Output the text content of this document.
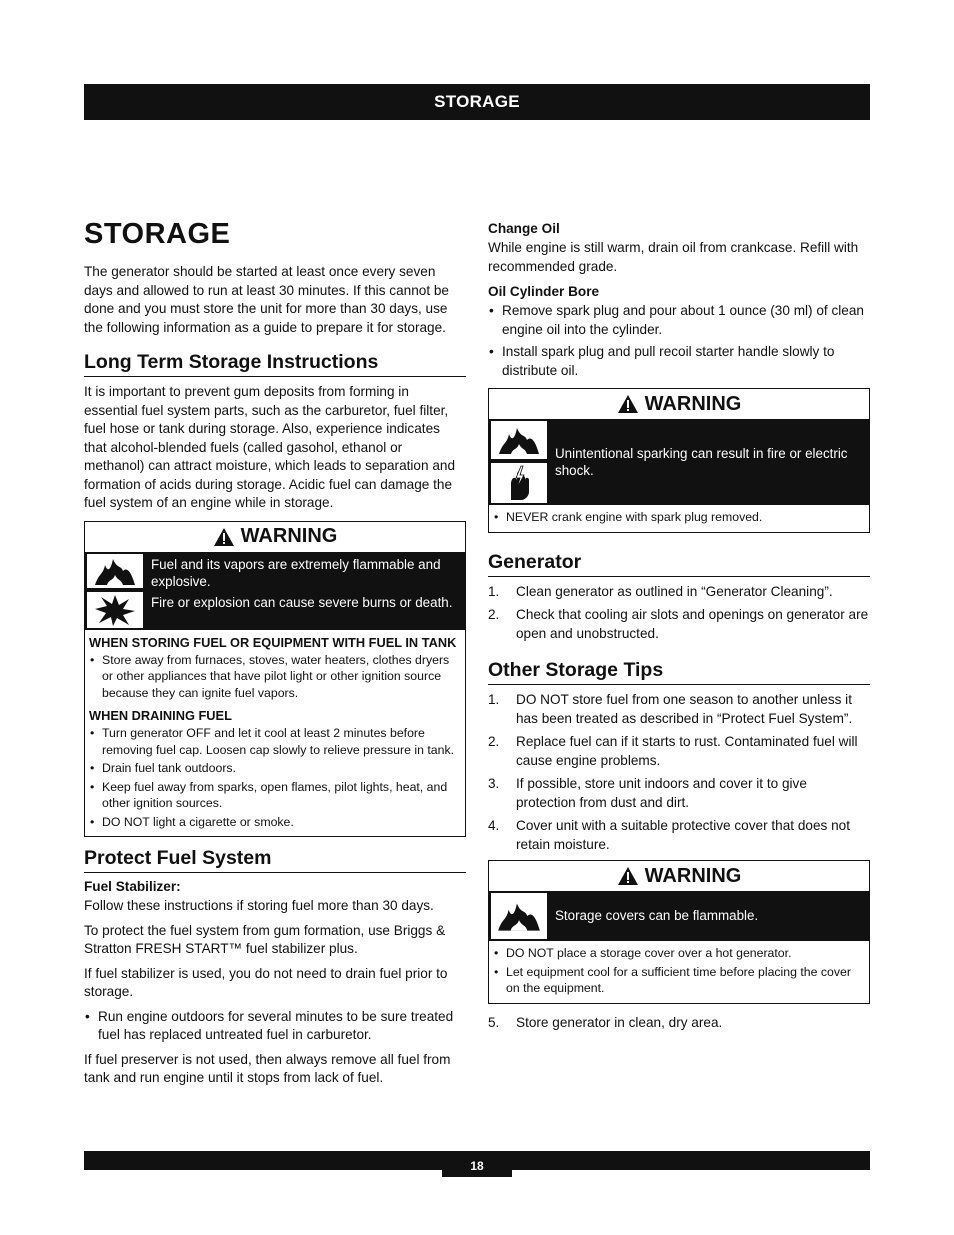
STORAGE
STORAGE

The generator should be started at least once every seven days and allowed to run at least 30 minutes. If this cannot be done and you must store the unit for more than 30 days, use the following information as a guide to prepare it for storage.

Long Term Storage Instructions

It is important to prevent gum deposits from forming in essential fuel system parts, such as the carburetor, fuel filter, fuel hose or tank during storage. Also, experience indicates that alcohol-blended fuels (called gasohol, ethanol or methanol) can attract moisture, which leads to separation and formation of acids during storage. Acidic fuel can damage the fuel system of an engine while in storage.

WARNING
Fuel and its vapors are extremely flammable and explosive.
Fire or explosion can cause severe burns or death.

WHEN STORING FUEL OR EQUIPMENT WITH FUEL IN TANK

• Store away from furnaces, stoves, water heaters, clothes dryers or other appliances that have pilot light or other ignition source because they can ignite fuel vapors.

WHEN DRAINING FUEL

• Turn generator OFF and let it cool at least 2 minutes before removing fuel cap. Loosen cap slowly to relieve pressure in tank.
• Drain fuel tank outdoors.
• Keep fuel away from sparks, open flames, pilot lights, heat, and other ignition sources.
• DO NOT light a cigarette or smoke.
Protect Fuel System
Fuel Stabilizer:

Follow these instructions if storing fuel more than 30 days.

To protect the fuel system from gum formation, use Briggs & Stratton FRESH START™ fuel stabilizer plus.

If fuel stabilizer is used, you do not need to drain fuel prior to storage.

• Run engine outdoors for several minutes to be sure treated fuel has replaced untreated fuel in carburetor.

If fuel preserver is not used, then always remove all fuel from tank and run engine until it stops from lack of fuel.

Change Oil

While engine is still warm, drain oil from crankcase. Refill with recommended grade.

Oil Cylinder Bore
• Remove spark plug and pour about 1 ounce (30 ml) of clean engine oil into the cylinder.
• Install spark plug and pull recoil starter handle slowly to distribute oil.
WARNING
Unintentional sparking can result in fire or electric shock.
• NEVER crank engine with spark plug removed.
Generator
1. Clean generator as outlined in “Generator Cleaning”.
2. Check that cooling air slots and openings on generator are open and unobstructed.
Other Storage Tips
1. DO NOT store fuel from one season to another unless it has been treated as described in “Protect Fuel System”.
2. Replace fuel can if it starts to rust. Contaminated fuel will cause engine problems.
3. If possible, store unit indoors and cover it to give protection from dust and dirt.
4. Cover unit with a suitable protective cover that does not retain moisture.
WARNING
Storage covers can be flammable.
• DO NOT place a storage cover over a hot generator.
• Let equipment cool for a sufficient time before placing the cover on the equipment.
5. Store generator in clean, dry area.
18
